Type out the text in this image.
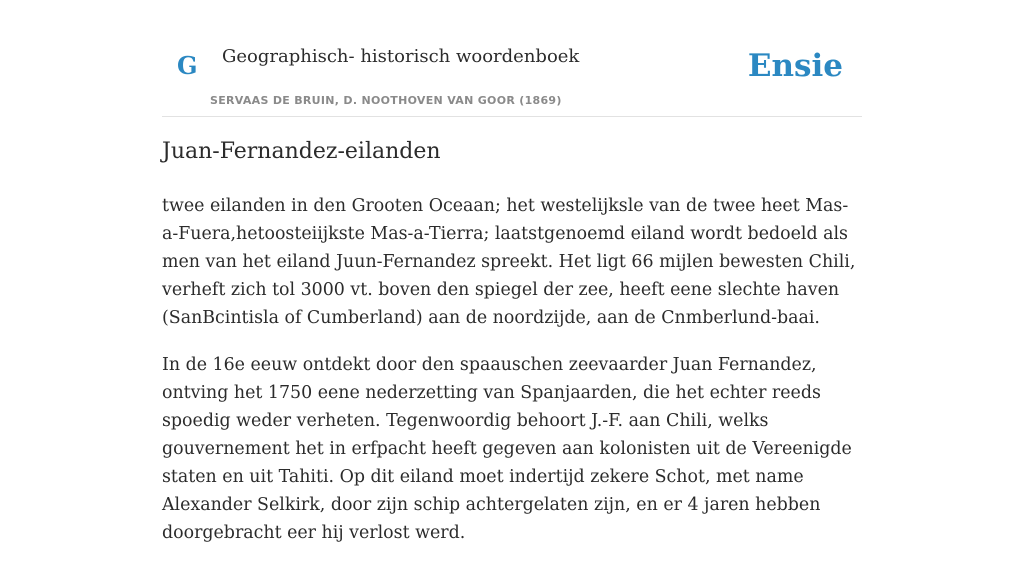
G Geographisch- historisch woordenboek
SERVAAS DE BRUIN, D. NOOTHOVEN VAN GOOR (1869)
Ensie
Juan-Fernandez-eilanden

twee eilanden in den Grooten Oceaan; het westelijksle van de twee heet Mas-a-Fuera,hetoosteiijkste Mas-a-Tierra; laatstgenoemd eiland wordt bedoeld als men van het eiland Juun-Fernandez spreekt. Het ligt 66 mijlen bewesten Chili, verheft zich tol 3000 vt. boven den spiegel der zee, heeft eene slechte haven (SanBcintisla of Cumberland) aan de noordzijde, aan de Cnmberlund-baai.

In de 16e eeuw ontdekt door den spaauschen zeevaarder Juan Fernandez, ontving het 1750 eene nederzetting van Spanjaarden, die het echter reeds spoedig weder verheten. Tegenwoordig behoort J.-F. aan Chili, welks gouvernement het in erfpacht heeft gegeven aan kolonisten uit de Vereenigde staten en uit Tahiti. Op dit eiland moet indertijd zekere Schot, met name Alexander Selkirk, door zijn schip achtergelaten zijn, en er 4 jaren hebben doorgebracht eer hij verlost werd.
